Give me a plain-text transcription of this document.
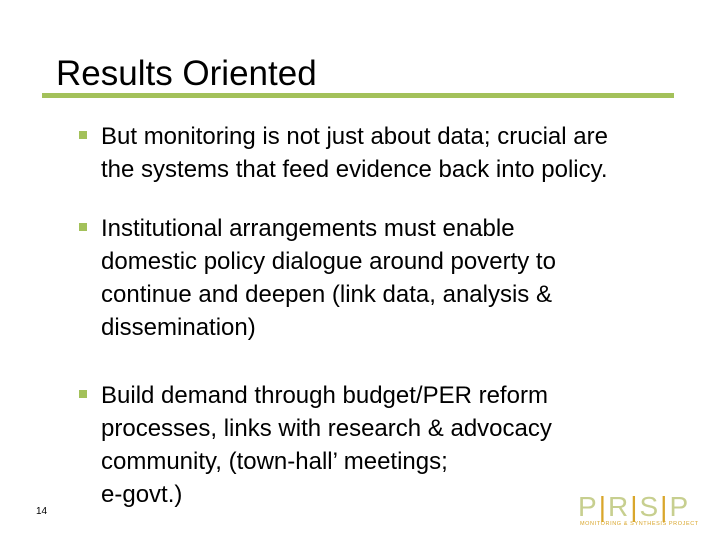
Results Oriented
But monitoring is not just about data; crucial are
the systems that feed evidence back into policy.
Institutional arrangements must enable
domestic policy dialogue around poverty to
continue and deepen (link data, analysis &
dissemination)
Build demand through budget/PER reform
processes, links with research & advocacy
community, (town-hall’ meetings;
e-govt.)
14	P|R|S|P
MONITORING & SYNTHESIS PROJECT
